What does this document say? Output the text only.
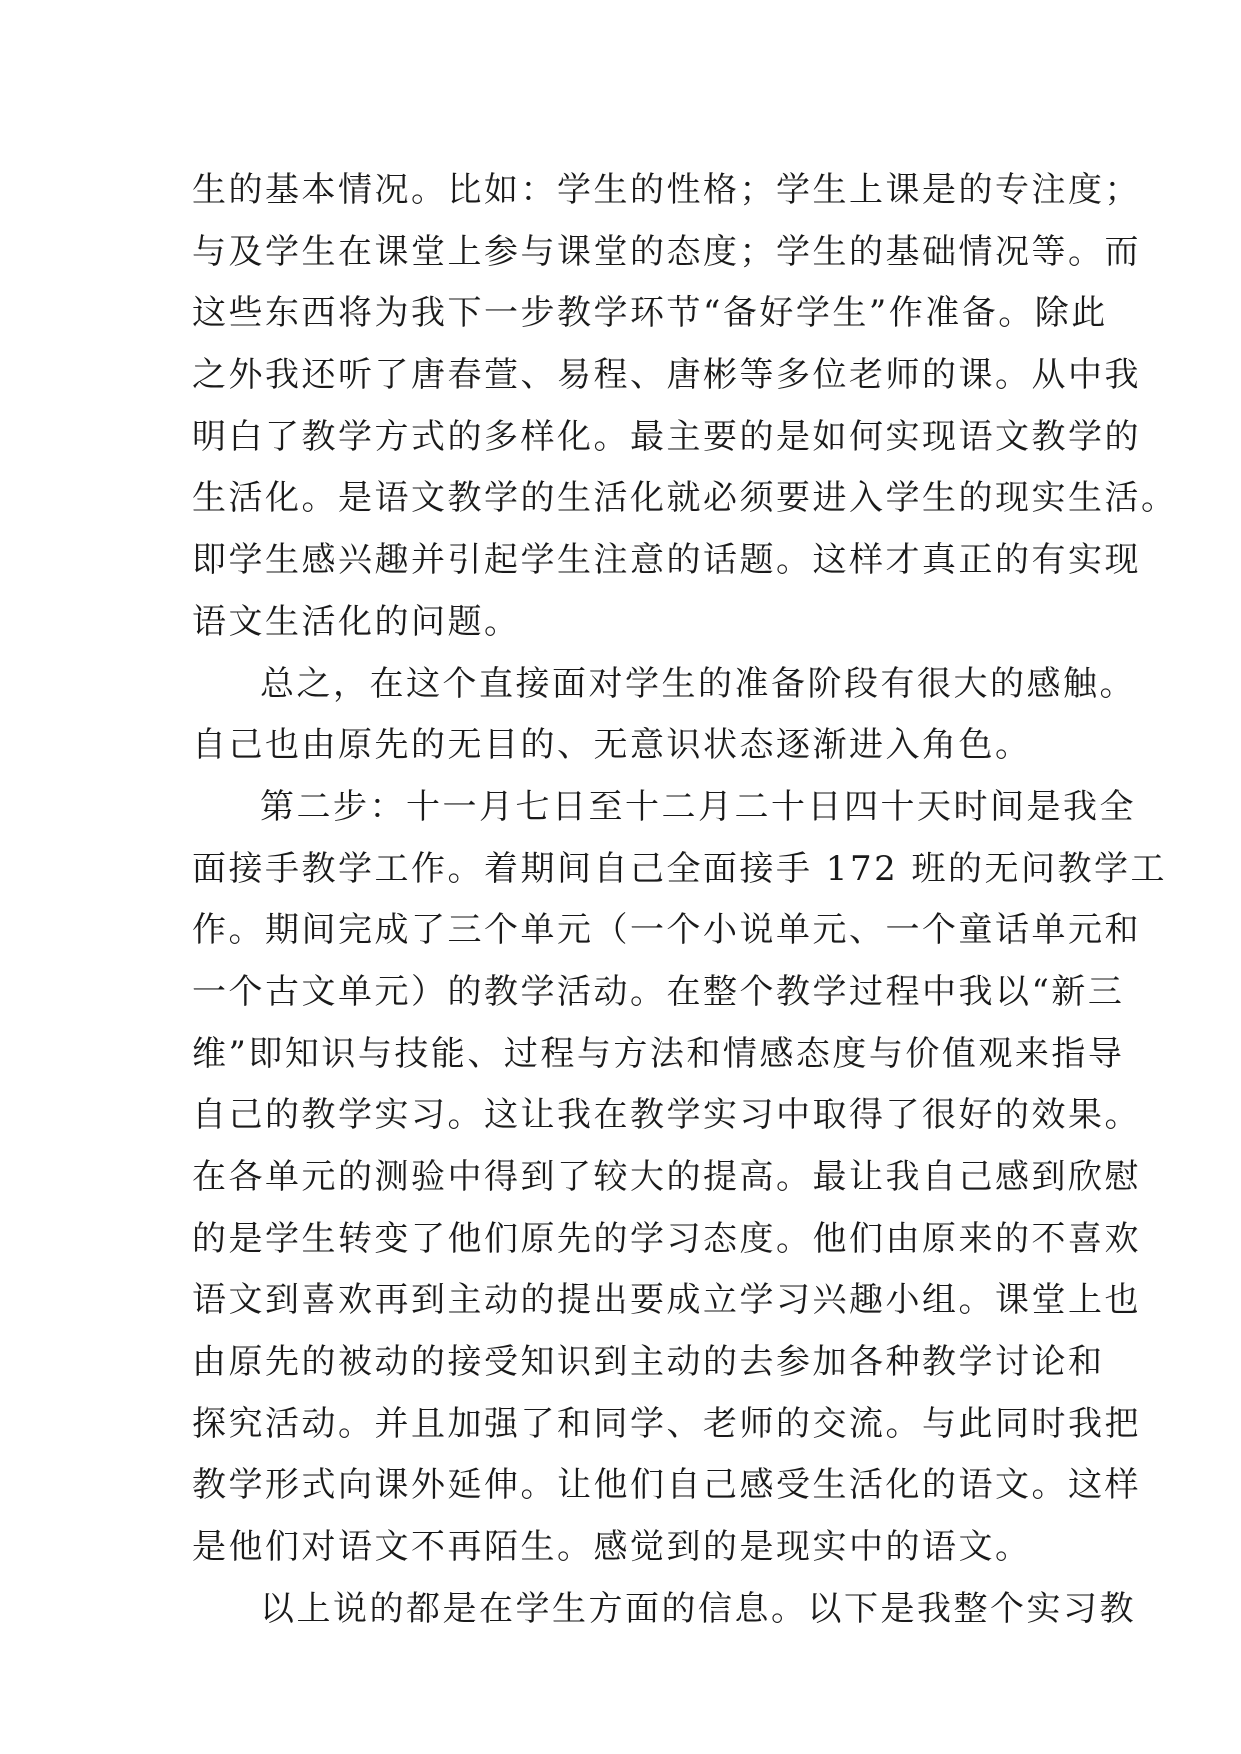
生的基本情况。比如：学生的性格；学生上课是的专注度；
与及学生在课堂上参与课堂的态度；学生的基础情况等。而
这些东西将为我下一步教学环节“备好学生”作准备。除此
之外我还听了唐春萱、易程、唐彬等多位老师的课。从中我
明白了教学方式的多样化。最主要的是如何实现语文教学的
生活化。是语文教学的生活化就必须要进入学生的现实生活。
即学生感兴趣并引起学生注意的话题。这样才真正的有实现
语文生活化的问题。
总之，在这个直接面对学生的准备阶段有很大的感触。
自己也由原先的无目的、无意识状态逐渐进入角色。
第二步：十一月七日至十二月二十日四十天时间是我全
面接手教学工作。着期间自己全面接手 172 班的无问教学工
作。期间完成了三个单元（一个小说单元、一个童话单元和
一个古文单元）的教学活动。在整个教学过程中我以“新三
维”即知识与技能、过程与方法和情感态度与价值观来指导
自己的教学实习。这让我在教学实习中取得了很好的效果。
在各单元的测验中得到了较大的提高。最让我自己感到欣慰
的是学生转变了他们原先的学习态度。他们由原来的不喜欢
语文到喜欢再到主动的提出要成立学习兴趣小组。课堂上也
由原先的被动的接受知识到主动的去参加各种教学讨论和
探究活动。并且加强了和同学、老师的交流。与此同时我把
教学形式向课外延伸。让他们自己感受生活化的语文。这样
是他们对语文不再陌生。感觉到的是现实中的语文。
以上说的都是在学生方面的信息。以下是我整个实习教
